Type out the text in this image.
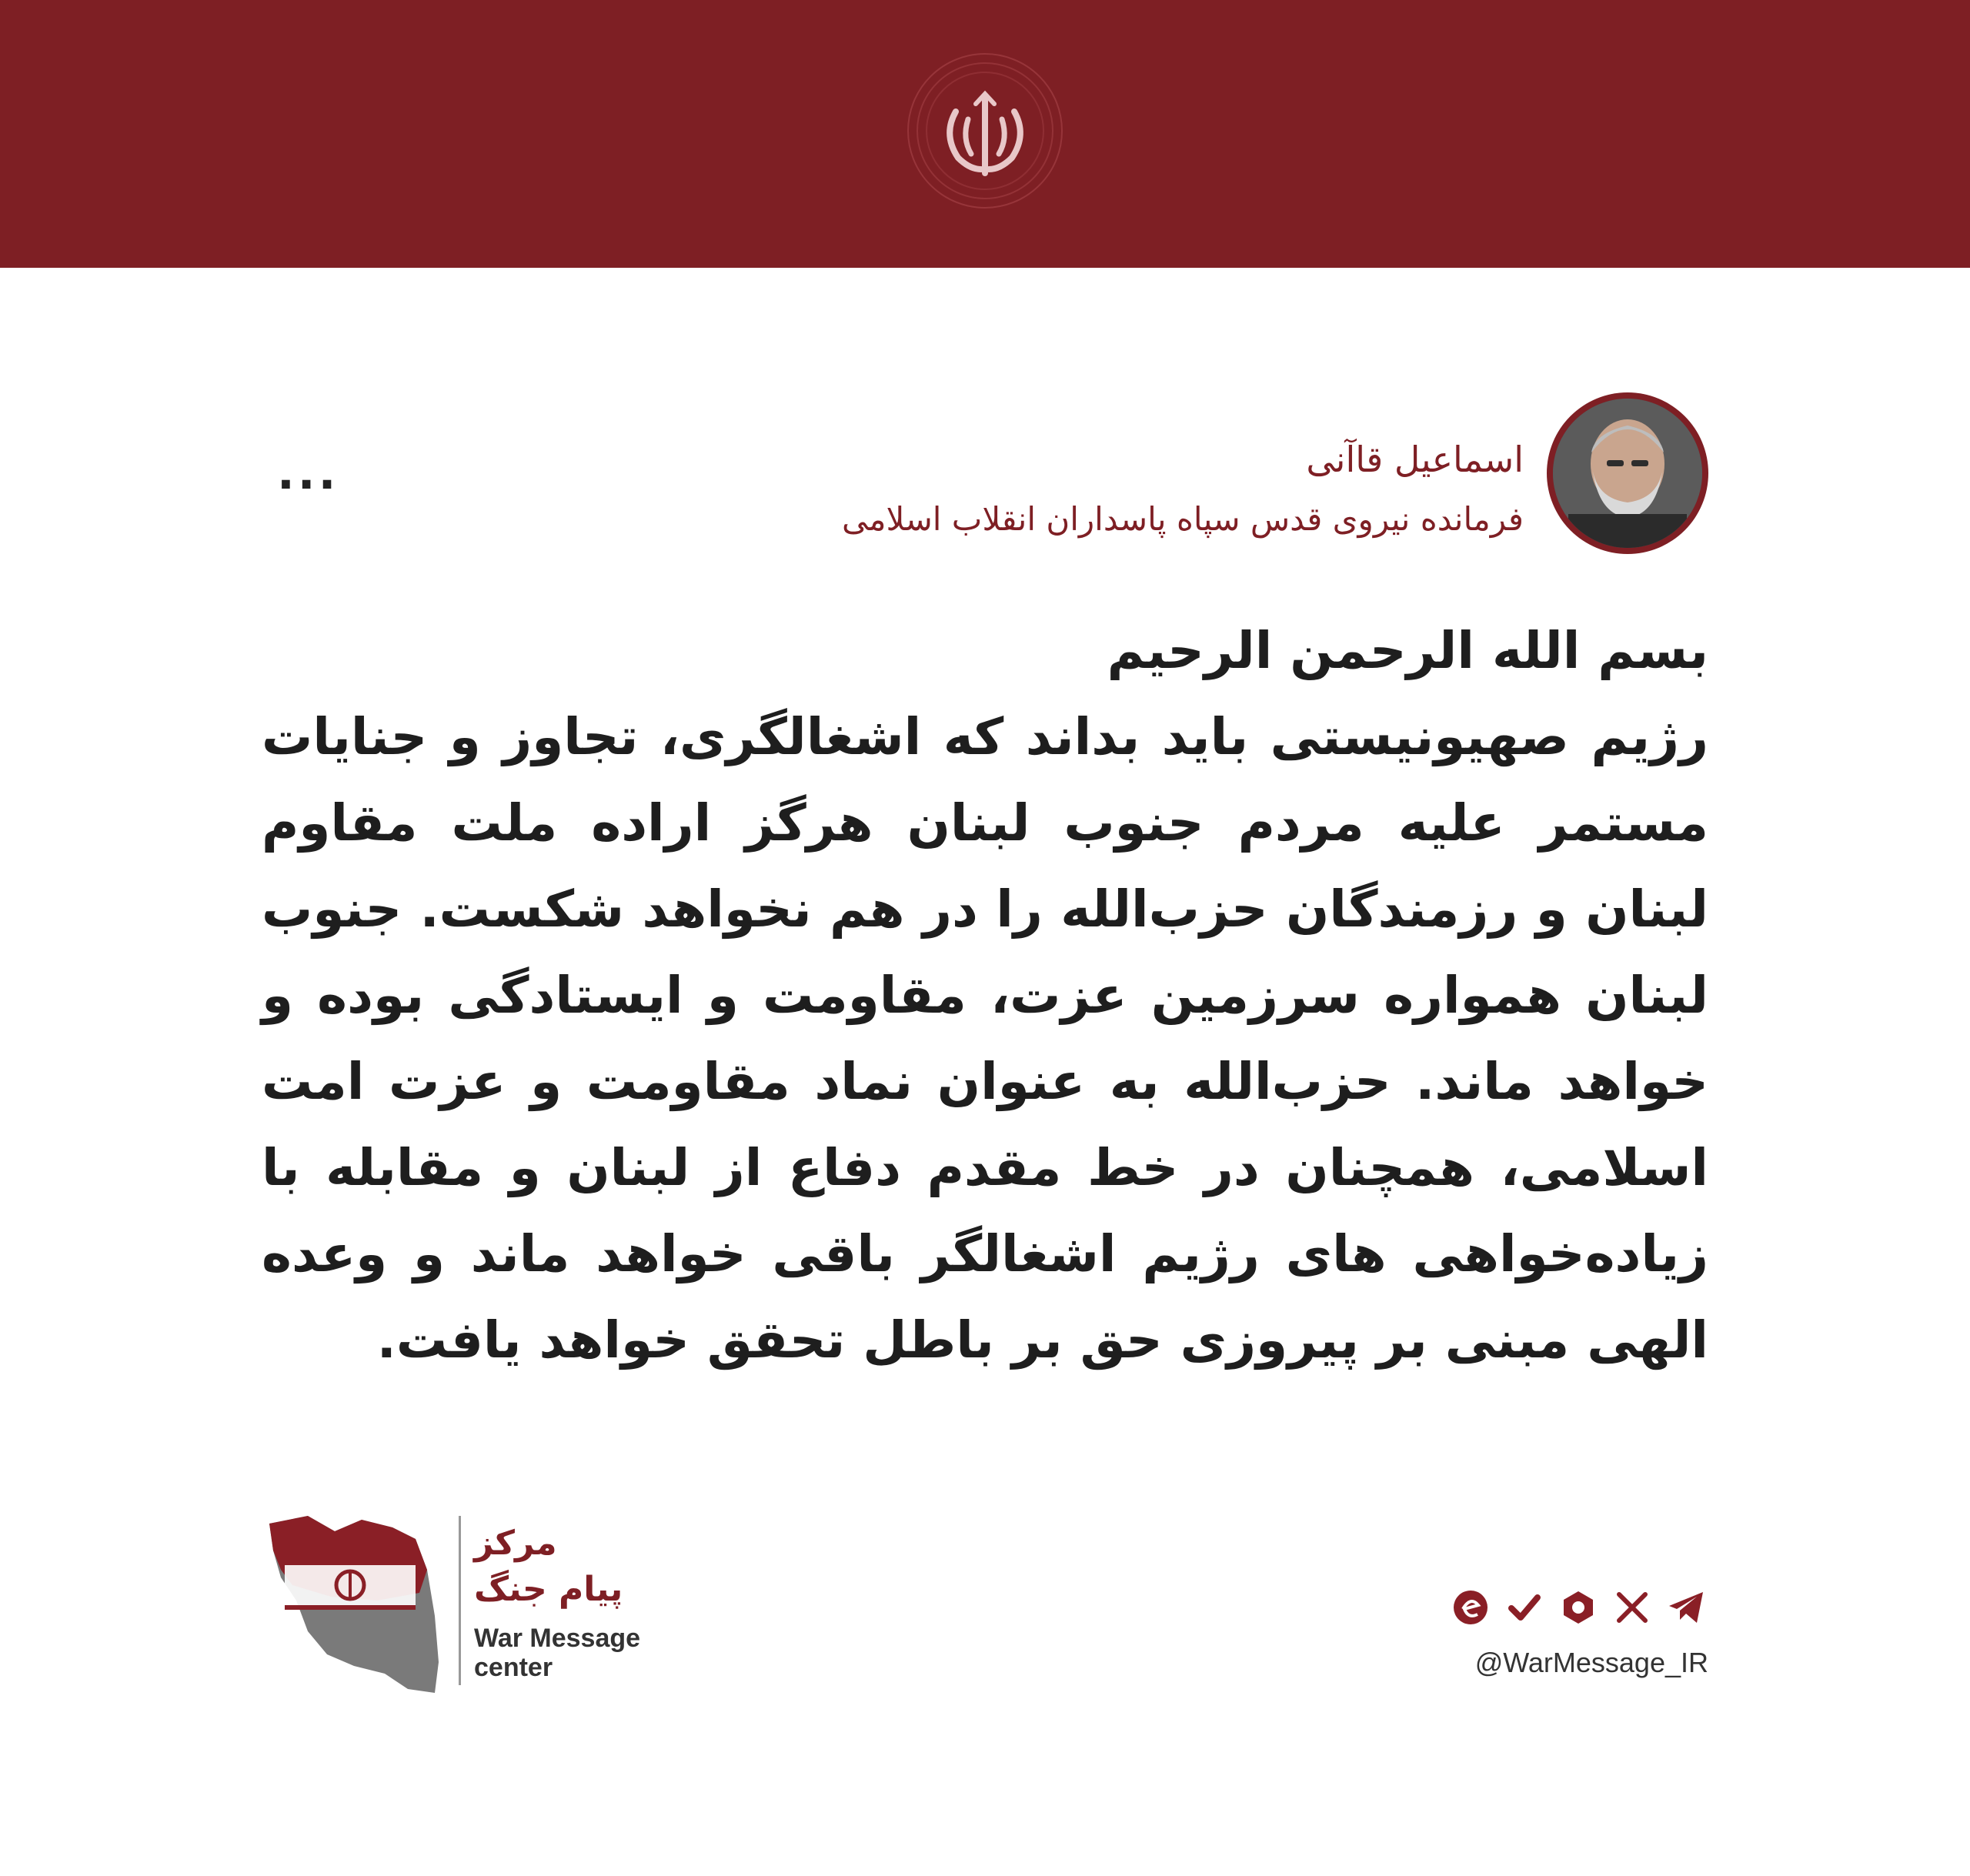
اسماعیل قاآنی
فرمانده نیروی قدس سپاه پاسداران انقلاب اسلامی
...

بسم الله الرحمن الرحیم

رژیم صهیونیستی باید بداند که اشغالگری، تجاوز و جنایات مستمر علیه مردم جنوب لبنان هرگز اراده ملت مقاوم لبنان و رزمندگان حزب‌الله را در هم نخواهد شکست. جنوب لبنان همواره سرزمین عزت، مقاومت و ایستادگی بوده و خواهد ماند. حزب‌الله به عنوان نماد مقاومت و عزت امت اسلامی، همچنان در خط مقدم دفاع از لبنان و مقابله با زیاده‌خواهی های رژیم اشغالگر باقی خواهد ماند و وعده الهی مبنی بر پیروزی حق بر باطل تحقق خواهد یافت.

مرکز
پیام جنگ
War Message
center	@WarMessage_IR
